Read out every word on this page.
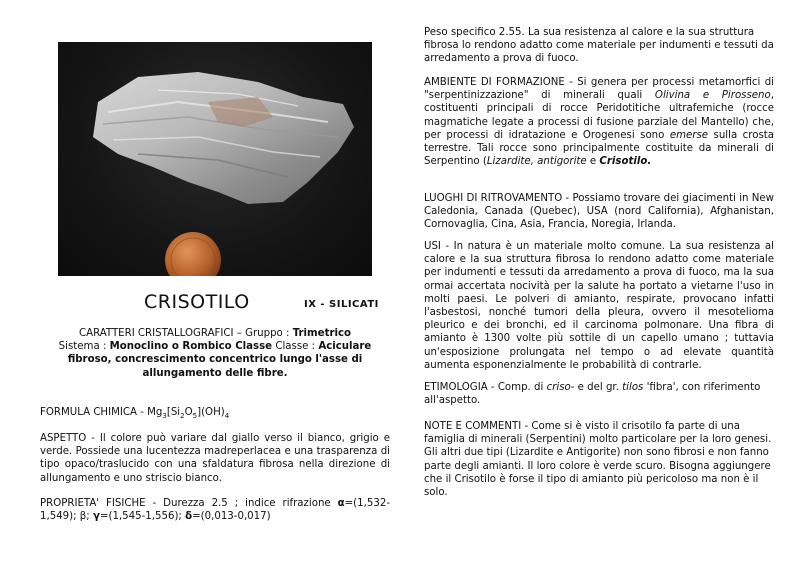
CRISOTILO	IX - SILICATI
CARATTERI CRISTALLOGRAFICI – Gruppo : Trimetrico
Sistema : Monoclino o Rombico Classe Classe : Aciculare
fibroso, concrescimento concentrico lungo l'asse di
allungamento delle fibre.
FORMULA CHIMICA - $Mg_3[Si_2O_5](OH)_4$
ASPETTO - Il colore può variare dal giallo verso il bianco, grigio e verde. Possiede una lucentezza madreperlacea e una trasparenza di tipo opaco/traslucido con una sfaldatura fibrosa nella direzione di allungamento e uno striscio bianco.
PROPRIETA' FISICHE - Durezza 2.5 ; indice rifrazione α=(1,532-1,549); β; γ=(1,545-1,556); δ=(0,013-0,017)
Peso specifico 2.55. La sua resistenza al calore e la sua struttura fibrosa lo rendono adatto come materiale per indumenti e tessuti da arredamento a prova di fuoco.
AMBIENTE DI FORMAZIONE - Si genera per processi metamorfici di "serpentinizzazione" di minerali quali Olivina e Pirosseno, costituenti principali di rocce Peridotitiche ultrafemiche (rocce magmatiche legate a processi di fusione parziale del Mantello) che, per processi di idratazione e Orogenesi sono emerse sulla crosta terrestre. Tali rocce sono principalmente costituite da minerali di Serpentino (Lizardite, antigorite e Crisotilo.
LUOGHI DI RITROVAMENTO - Possiamo trovare dei giacimenti in New Caledonia, Canada (Quebec), USA (nord California), Afghanistan, Cornovaglia, Cina, Asia, Francia, Noregia, Irlanda.
USI - In natura è un materiale molto comune. La sua resistenza al calore e la sua struttura fibrosa lo rendono adatto come materiale per indumenti e tessuti da arredamento a prova di fuoco, ma la sua ormai accertata nocività per la salute ha portato a vietarne l'uso in molti paesi. Le polveri di amianto, respirate, provocano infatti l'asbestosi, nonché tumori della pleura, ovvero il mesotelioma pleurico e dei bronchi, ed il carcinoma polmonare. Una fibra di amianto è 1300 volte più sottile di un capello umano ; tuttavia un'esposizione prolungata nel tempo o ad elevate quantità aumenta esponenzialmente le probabilità di contrarle.
ETIMOLOGIA - Comp. di criso- e del gr. tilos 'fibra', con riferimento all'aspetto.
NOTE E COMMENTI - Come si è visto il crisotilo fa parte di una famiglia di minerali (Serpentini) molto particolare per la loro genesi. Gli altri due tipi (Lizardite e Antigorite) non sono fibrosi e non fanno parte degli amianti. Il loro colore è verde scuro. Bisogna aggiungere che il Crisotilo è forse il tipo di amianto più pericoloso ma non è il solo.
